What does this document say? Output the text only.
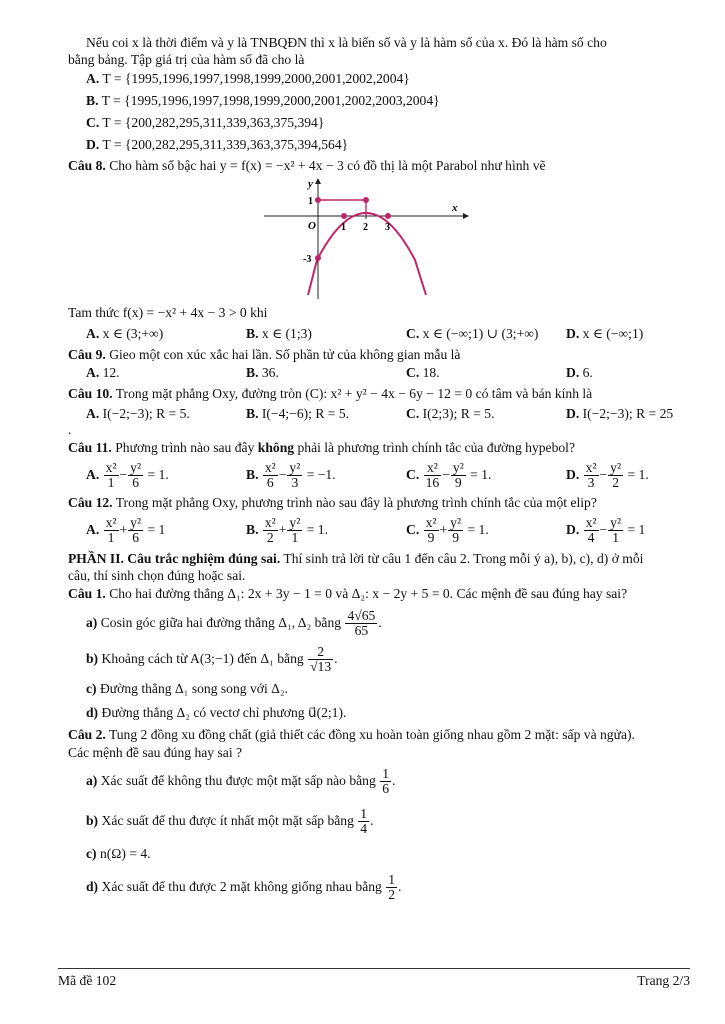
Nếu coi x là thời điểm và y là TNBQĐN thì x là biến số và y là hàm số của x. Đó là hàm số cho

bằng bảng. Tập giá trị của hàm số đã cho là

A. T = {1995,1996,1997,1998,1999,2000,2001,2002,2004}
B. T = {1995,1996,1997,1998,1999,2000,2001,2002,2003,2004}
C. T = {200,282,295,311,339,363,375,394}
D. T = {200,282,295,311,339,363,375,394,564}

Câu 8. Cho hàm số bậc hai y = f(x) = −x² + 4x − 3 có đồ thị là một Parabol như hình vẽ

y
x
O	1 2 3
1
-3

Tam thức f(x) = −x² + 4x − 3 > 0 khi

A. x ∈ (3;+∞)	B. x ∈ (1;3)	C. x ∈ (−∞;1) ∪ (3;+∞)	D. x ∈ (−∞;1)

Câu 9. Gieo một con xúc xắc hai lần. Số phần tử của không gian mẫu là

A. 12.	B. 36.	C. 18.	D. 6.

Câu 10. Trong mặt phẳng Oxy, đường tròn (C): x² + y² − 4x − 6y − 12 = 0 có tâm và bán kính là

A. I(−2;−3); R = 5.	B. I(−4;−6); R = 5.	C. I(2;3); R = 5.	D. I(−2;−3); R = 25

.

Câu 11. Phương trình nào sau đây không phải là phương trình chính tắc của đường hypebol?

A. $\frac{\text{x²}}{1} - \frac{\text{y²}}{6} = 1$.	B. $\frac{\text{x²}}{6} - \frac{\text{y²}}{3} = -1$.	C. $\frac{\text{x²}}{16} - \frac{\text{y²}}{9} = 1$.	D. $\frac{\text{x²}}{3} - \frac{\text{y²}}{2} = 1$.

Câu 12. Trong mặt phẳng Oxy, phương trình nào sau đây là phương trình chính tắc của một elip?

A. $\frac{\text{x²}}{1} + \frac{\text{y²}}{6} = 1$	B. $\frac{\text{x²}}{2} + \frac{\text{y²}}{1} = 1$.	C. $\frac{\text{x²}}{9} + \frac{\text{y²}}{9} = 1$.	D. $\frac{\text{x²}}{4} - \frac{\text{y²}}{1} = 1$

PHẦN II. Câu trắc nghiệm đúng sai. Thí sinh trả lời từ câu 1 đến câu 2. Trong mỗi ý a), b), c), d) ở mỗi

câu, thí sinh chọn đúng hoặc sai.

Câu 1. Cho hai đường thẳng Δ₁: 2x + 3y − 1 = 0 và Δ₂: x − 2y + 5 = 0. Các mệnh đề sau đúng hay sai?

a) Cosin góc giữa hai đường thẳng Δ₁, Δ₂ bằng $\frac{4√65}{65}$ .
b) Khoảng cách từ A(3;−1) đến Δ₁ bằng $\frac{2}{√13}$ .
c) Đường thẳng Δ₁ song song với Δ₂.
d) Đường thẳng Δ₂ có vectơ chỉ phương u⃗(2;1).

Câu 2. Tung 2 đồng xu đồng chất (giả thiết các đồng xu hoàn toàn giống nhau gồm 2 mặt: sấp và ngửa).

Các mệnh đề sau đúng hay sai ?

a) Xác suất để không thu được một mặt sấp nào bằng $\frac{1}{6}$ .
b) Xác suất để thu được ít nhất một mặt sấp bằng $\frac{1}{4}$ .
c) n(Ω) = 4.
d) Xác suất để thu được 2 mặt không giống nhau bằng $\frac{1}{2}$ .
Mã đề 102	Trang 2/3
